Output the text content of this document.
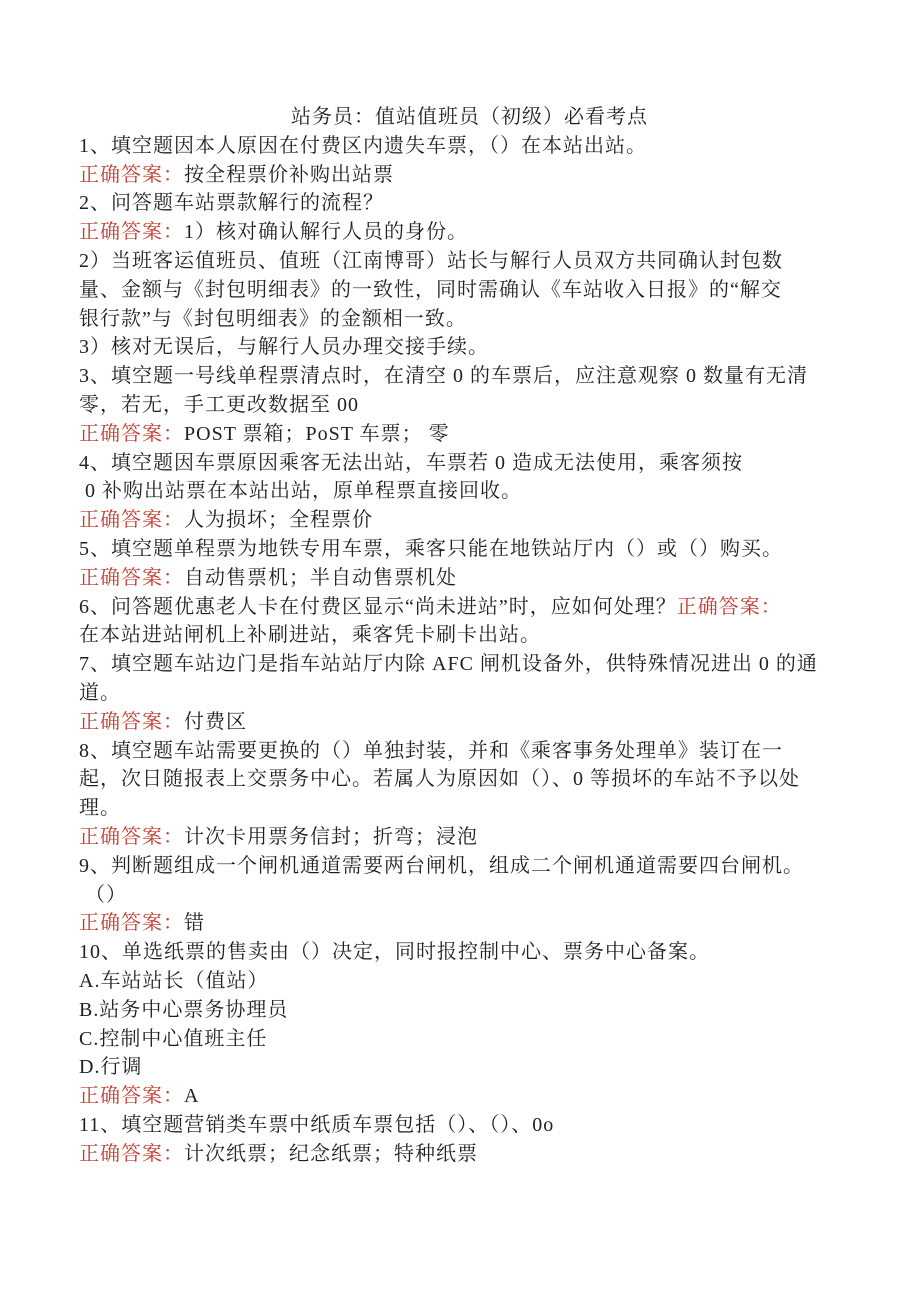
站务员：值站值班员（初级）必看考点
1、填空题因本人原因在付费区内遗失车票，（）在本站出站。
正确答案：按全程票价补购出站票
2、问答题车站票款解行的流程？
正确答案：1）核对确认解行人员的身份。
2）当班客运值班员、值班（江南博哥）站长与解行人员双方共同确认封包数
量、金额与《封包明细表》的一致性，同时需确认《车站收入日报》的“解交
银行款”与《封包明细表》的金额相一致。
3）核对无误后，与解行人员办理交接手续。
3、填空题一号线单程票清点时，在清空 0 的车票后，应注意观察 0 数量有无清
零，若无，手工更改数据至 00
正确答案：POST 票箱；PoST 车票； 零
4、填空题因车票原因乘客无法出站，车票若 0 造成无法使用，乘客须按
0 补购出站票在本站出站，原单程票直接回收。
正确答案：人为损坏；全程票价
5、填空题单程票为地铁专用车票，乘客只能在地铁站厅内（）或（）购买。
正确答案：自动售票机；半自动售票机处
6、问答题优惠老人卡在付费区显示“尚未进站”时，应如何处理？正确答案：
在本站进站闸机上补刷进站，乘客凭卡刷卡出站。
7、填空题车站边门是指车站站厅内除 AFC 闸机设备外，供特殊情况进出 0 的通
道。
正确答案：付费区
8、填空题车站需要更换的（）单独封装，并和《乘客事务处理单》装订在一
起，次日随报表上交票务中心。若属人为原因如（）、0 等损坏的车站不予以处
理。
正确答案：计次卡用票务信封；折弯；浸泡
9、判断题组成一个闸机通道需要两台闸机，组成二个闸机通道需要四台闸机。
（）
正确答案：错
10、单选纸票的售卖由（）决定，同时报控制中心、票务中心备案。
A.车站站长（值站）
B.站务中心票务协理员
C.控制中心值班主任
D.行调
正确答案：A
11、填空题营销类车票中纸质车票包括（）、（）、0o
正确答案：计次纸票；纪念纸票；特种纸票
